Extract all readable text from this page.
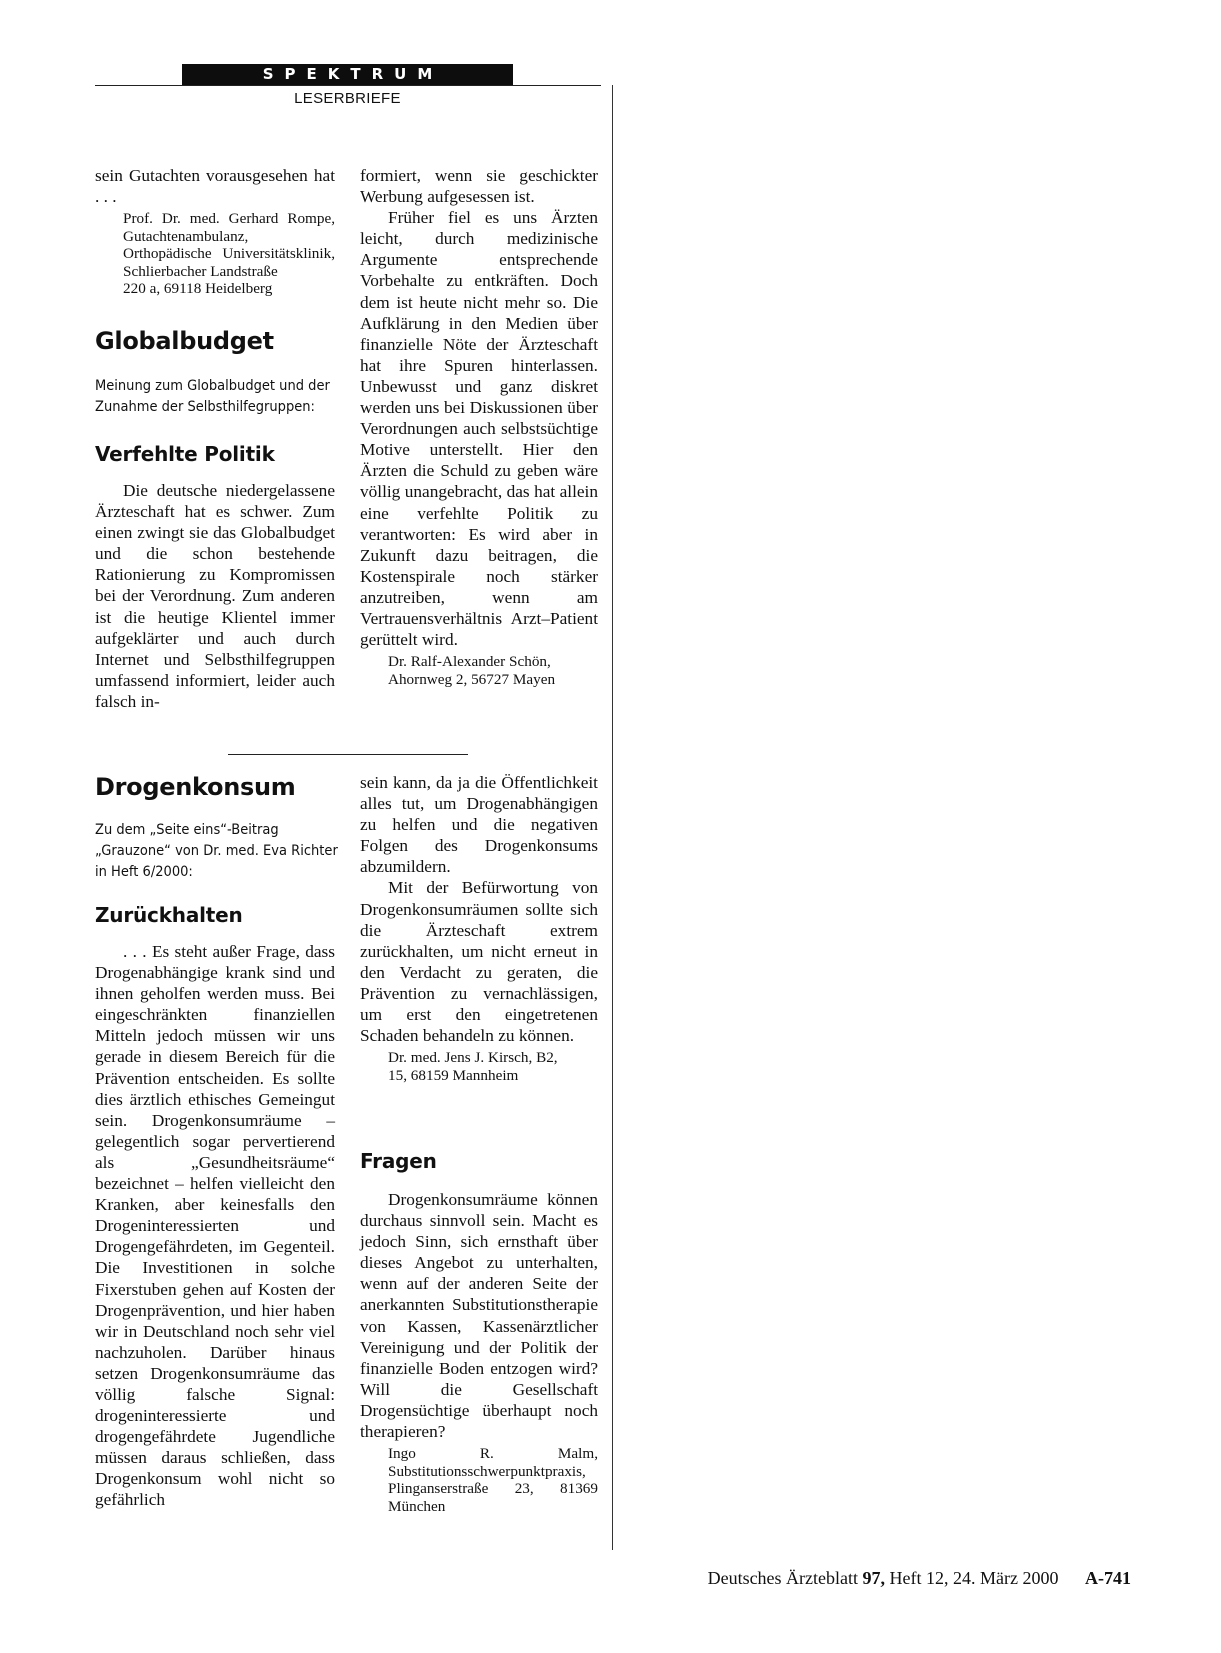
SPEKTRUM
LESERBRIEFE

sein Gutachten vorausgesehen hat . . .

Prof. Dr. med. Gerhard Rompe, Gutachtenambulanz, Orthopädische Universitätsklinik, Schlierbacher Landstraße
220 a, 69118 Heidelberg
Globalbudget

Meinung zum Globalbudget und der Zunahme der Selbsthilfegruppen:

Verfehlte Politik

Die deutsche niedergelassene Ärzteschaft hat es schwer. Zum einen zwingt sie das Globalbudget und die schon bestehende Rationierung zu Kompromissen bei der Verordnung. Zum anderen ist die heutige Klientel immer aufgeklärter und auch durch Internet und Selbsthilfegruppen umfassend informiert, leider auch falsch in-

formiert, wenn sie geschickter Werbung aufgesessen ist.

Früher fiel es uns Ärzten leicht, durch medizinische Argumente entsprechende Vorbehalte zu entkräften. Doch dem ist heute nicht mehr so. Die Aufklärung in den Medien über finanzielle Nöte der Ärzteschaft hat ihre Spuren hinterlassen. Unbewusst und ganz diskret werden uns bei Diskussionen über Verordnungen auch selbstsüchtige Motive unterstellt. Hier den Ärzten die Schuld zu geben wäre völlig unangebracht, das hat allein eine verfehlte Politik zu verantworten: Es wird aber in Zukunft dazu beitragen, die Kostenspirale noch stärker anzutreiben, wenn am Vertrauensverhältnis Arzt–Patient gerüttelt wird.

Dr. Ralf-Alexander Schön,
Ahornweg 2, 56727 Mayen
Drogenkonsum

Zu dem „Seite eins“-Beitrag „Grauzone“ von Dr. med. Eva Richter in Heft 6/2000:

Zurückhalten

. . . Es steht außer Frage, dass Drogenabhängige krank sind und ihnen geholfen werden muss. Bei eingeschränkten finanziellen Mitteln jedoch müssen wir uns gerade in diesem Bereich für die Prävention entscheiden. Es sollte dies ärztlich ethisches Gemeingut sein. Drogenkonsumräume – gelegentlich sogar pervertierend als „Gesundheitsräume“ bezeichnet – helfen vielleicht den Kranken, aber keinesfalls den Drogeninteressierten und Drogengefährdeten, im Gegenteil. Die Investitionen in solche Fixerstuben gehen auf Kosten der Drogenprävention, und hier haben wir in Deutschland noch sehr viel nachzuholen. Darüber hinaus setzen Drogenkonsumräume das völlig falsche Signal: drogeninteressierte und drogengefährdete Jugendliche müssen daraus schließen, dass Drogenkonsum wohl nicht so gefährlich

sein kann, da ja die Öffentlichkeit alles tut, um Drogenabhängigen zu helfen und die negativen Folgen des Drogenkonsums abzumildern.

Mit der Befürwortung von Drogenkonsumräumen sollte sich die Ärzteschaft extrem zurückhalten, um nicht erneut in den Verdacht zu geraten, die Prävention zu vernachlässigen, um erst den eingetretenen Schaden behandeln zu können.

Dr. med. Jens J. Kirsch, B2,
15, 68159 Mannheim
Fragen

Drogenkonsumräume können durchaus sinnvoll sein. Macht es jedoch Sinn, sich ernsthaft über dieses Angebot zu unterhalten, wenn auf der anderen Seite der anerkannten Substitutionstherapie von Kassen, Kassenärztlicher Vereinigung und der Politik der finanzielle Boden entzogen wird? Will die Gesellschaft Drogensüchtige überhaupt noch therapieren?

Ingo R. Malm, Substitutionsschwerpunktpraxis, Plinganserstraße 23, 81369 München
Deutsches Ärzteblatt 97, Heft 12, 24. März 2000 A-741
